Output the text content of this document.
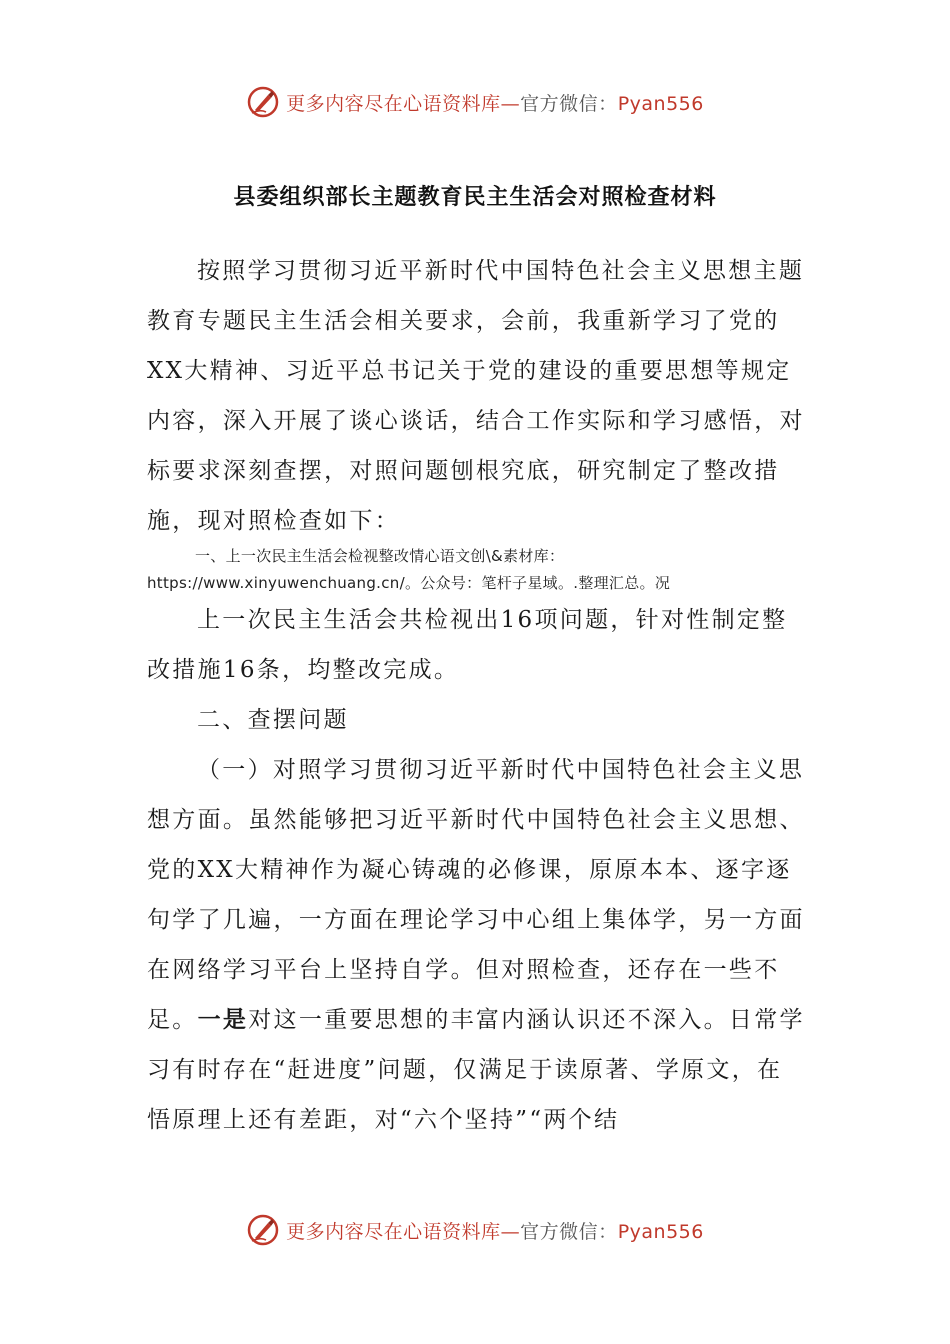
更多内容尽在心语资料库—官方微信：Pyan556
县委组织部长主题教育民主生活会对照检查材料
按照学习贯彻习近平新时代中国特色社会主义思想主题教育专题民主生活会相关要求，会前，我重新学习了党的XX大精神、习近平总书记关于党的建设的重要思想等规定内容，深入开展了谈心谈话，结合工作实际和学习感悟，对标要求深刻查摆，对照问题刨根究底，研究制定了整改措施，现对照检查如下：
一、上一次民主生活会检视整改情心语文创\&素材库：https://www.xinyuwenchuang.cn/。公众号：笔杆子星域。.整理汇总。况
上一次民主生活会共检视出16项问题，针对性制定整改措施16条，均整改完成。
二、查摆问题
（一）对照学习贯彻习近平新时代中国特色社会主义思想方面。虽然能够把习近平新时代中国特色社会主义思想、党的XX大精神作为凝心铸魂的必修课，原原本本、逐字逐句学了几遍，一方面在理论学习中心组上集体学，另一方面在网络学习平台上坚持自学。但对照检查，还存在一些不足。一是对这一重要思想的丰富内涵认识还不深入。日常学习有时存在“赶进度”问题，仅满足于读原著、学原文，在悟原理上还有差距，对“六个坚持”“两个结
更多内容尽在心语资料库—官方微信：Pyan556
